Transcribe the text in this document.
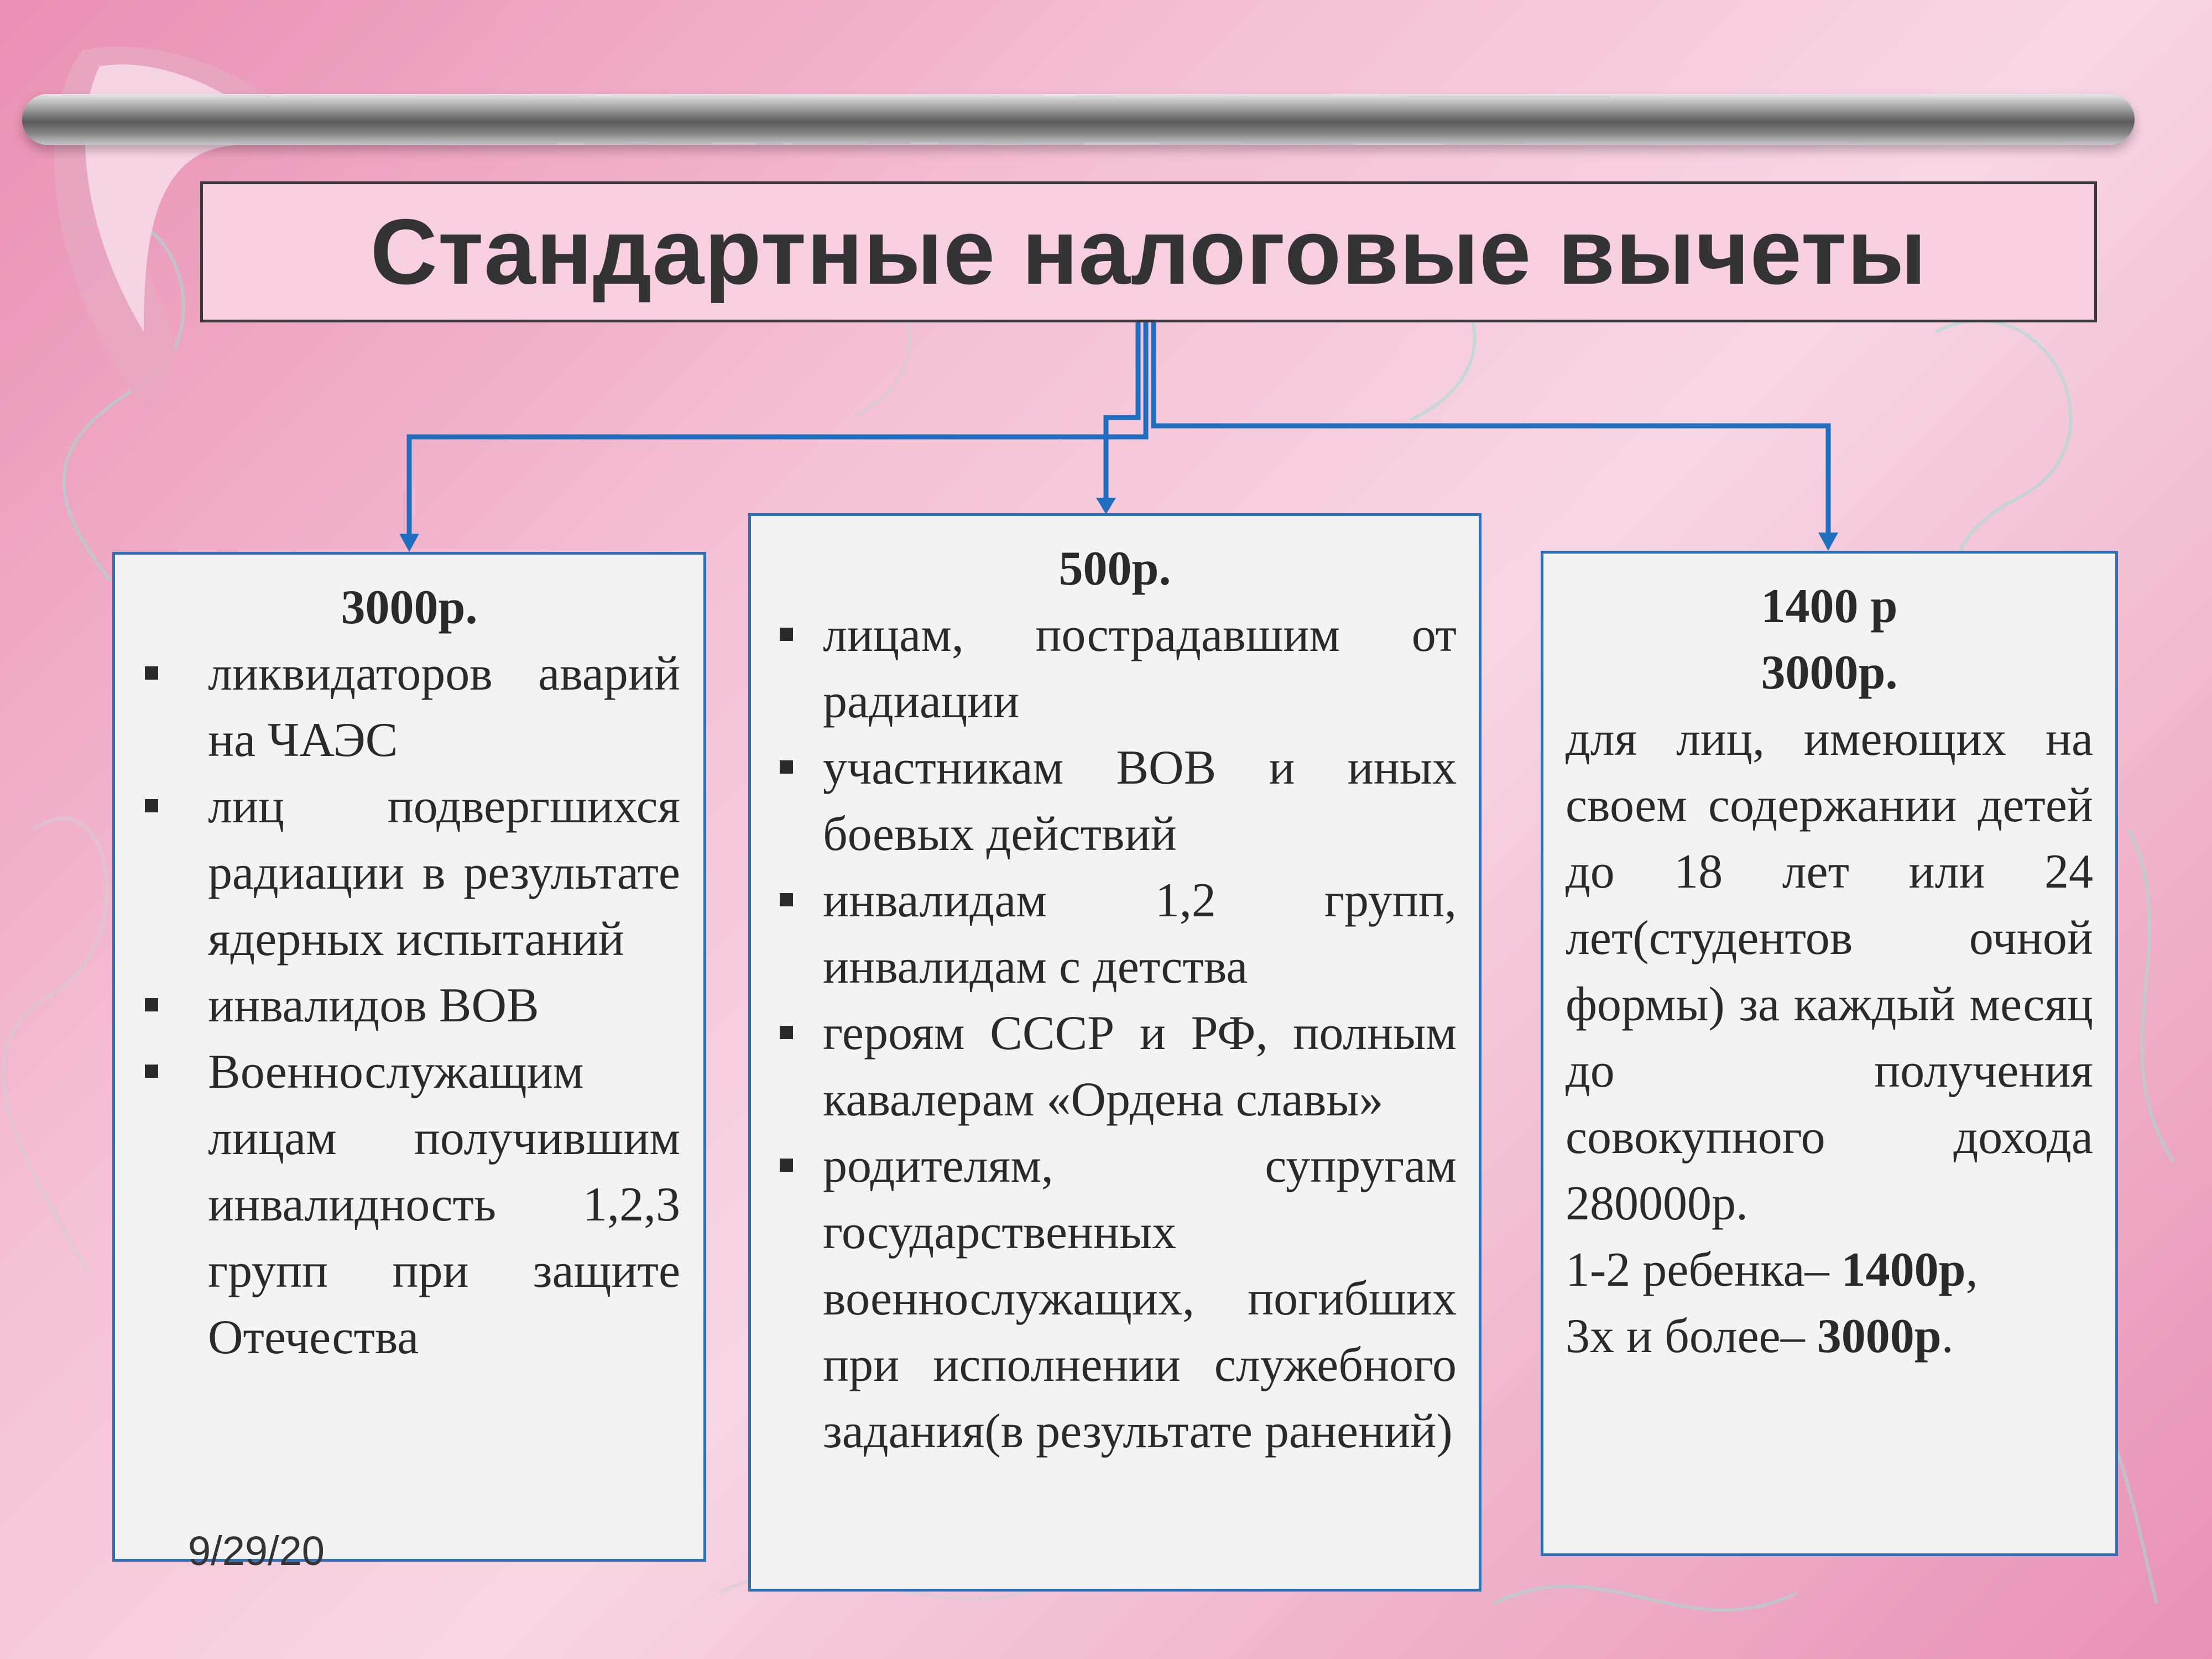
Стандартные налоговые вычеты
3000р.
ликвидаторов аварий на ЧАЭС
лиц подвергшихся радиации в результате ядерных испытаний
инвалидов ВОВ
Военнослужащим лицам получившим инвалидность 1,2,3 групп при защите Отечества
500р.
лицам, пострадавшим от радиации
участникам ВОВ и иных боевых действий
инвалидам 1,2 групп, инвалидам с детства
героям СССР и РФ, полным кавалерам «Ордена славы»
родителям, супругам государственных военнослужащих, погибших при исполнении служебного задания(в результате ранений)
1400 р
3000р.
для лиц, имеющих на своем содержании детей до 18 лет или 24 лет(студентов очной формы) за каждый месяц до получения совокупного дохода 280000р.
1-2 ребенка– 1400р,
3х и более– 3000р.
9/29/20
